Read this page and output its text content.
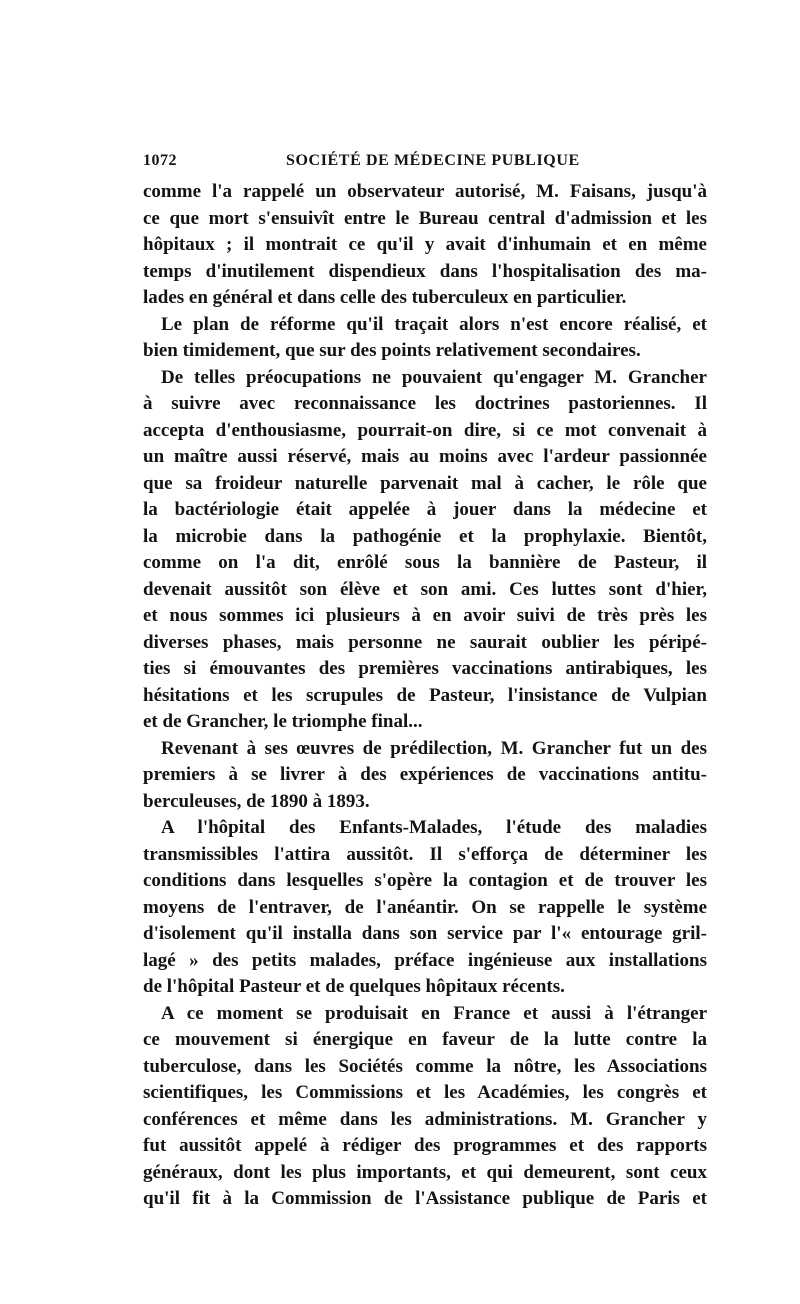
1072	SOCIÉTÉ DE MÉDECINE PUBLIQUE
comme l'a rappelé un observateur autorisé, M. Faisans, jusqu'à
ce que mort s'ensuivît entre le Bureau central d'admission et les
hôpitaux ; il montrait ce qu'il y avait d'inhumain et en même
temps d'inutilement dispendieux dans l'hospitalisation des ma-
lades en général et dans celle des tuberculeux en particulier.
Le plan de réforme qu'il traçait alors n'est encore réalisé, et
bien timidement, que sur des points relativement secondaires.
De telles préocupations ne pouvaient qu'engager M. Grancher
à suivre avec reconnaissance les doctrines pastoriennes. Il
accepta d'enthousiasme, pourrait-on dire, si ce mot convenait à
un maître aussi réservé, mais au moins avec l'ardeur passionnée
que sa froideur naturelle parvenait mal à cacher, le rôle que
la bactériologie était appelée à jouer dans la médecine et
la microbie dans la pathogénie et la prophylaxie. Bientôt,
comme on l'a dit, enrôlé sous la bannière de Pasteur, il
devenait aussitôt son élève et son ami. Ces luttes sont d'hier,
et nous sommes ici plusieurs à en avoir suivi de très près les
diverses phases, mais personne ne saurait oublier les péripé-
ties si émouvantes des premières vaccinations antirabiques, les
hésitations et les scrupules de Pasteur, l'insistance de Vulpian
et de Grancher, le triomphe final...
Revenant à ses œuvres de prédilection, M. Grancher fut un des
premiers à se livrer à des expériences de vaccinations antitu-
berculeuses, de 1890 à 1893.
A l'hôpital des Enfants-Malades, l'étude des maladies
transmissibles l'attira aussitôt. Il s'efforça de déterminer les
conditions dans lesquelles s'opère la contagion et de trouver les
moyens de l'entraver, de l'anéantir. On se rappelle le système
d'isolement qu'il installa dans son service par l'« entourage gril-
lagé » des petits malades, préface ingénieuse aux installations
de l'hôpital Pasteur et de quelques hôpitaux récents.
A ce moment se produisait en France et aussi à l'étranger
ce mouvement si énergique en faveur de la lutte contre la
tuberculose, dans les Sociétés comme la nôtre, les Associations
scientifiques, les Commissions et les Académies, les congrès et
conférences et même dans les administrations. M. Grancher y
fut aussitôt appelé à rédiger des programmes et des rapports
généraux, dont les plus importants, et qui demeurent, sont ceux
qu'il fit à la Commission de l'Assistance publique de Paris et
